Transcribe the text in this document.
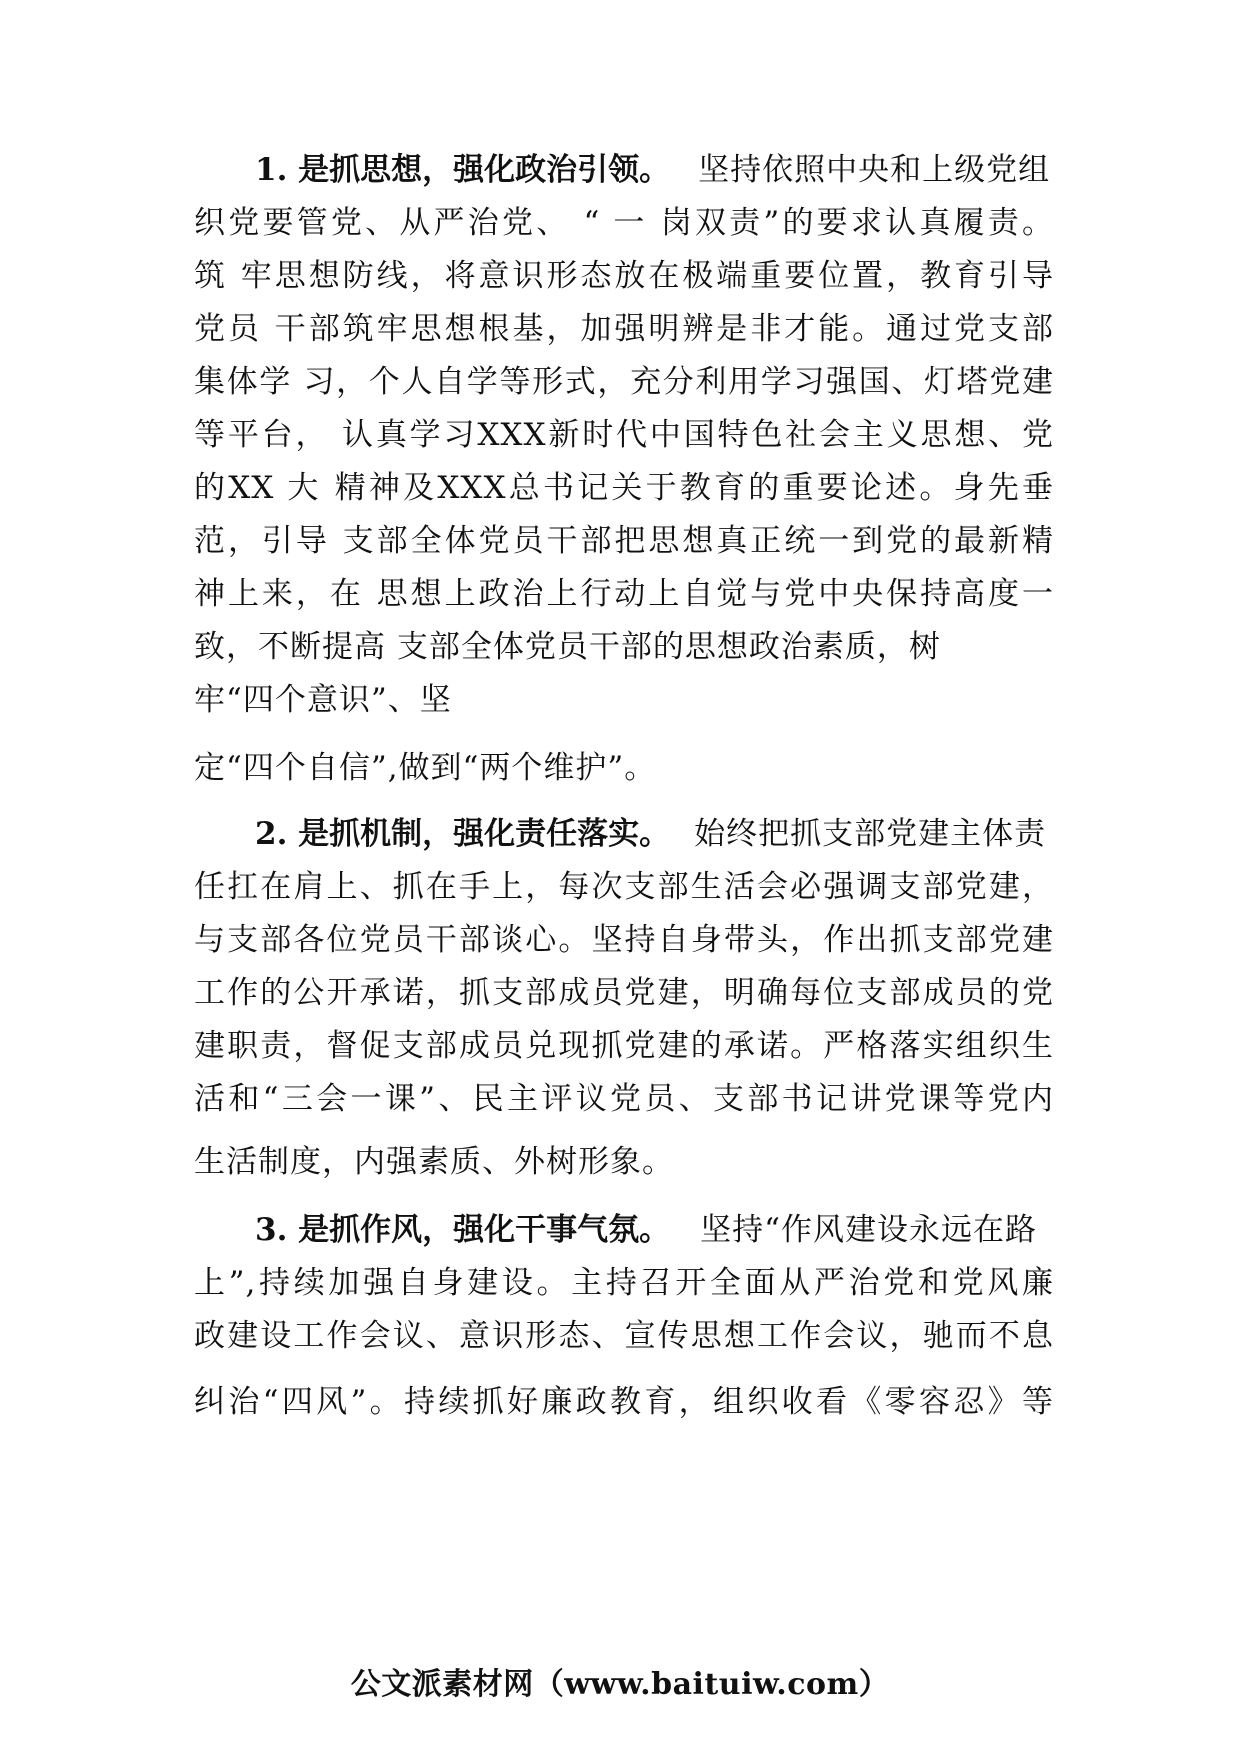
1. 是抓思想，强化政治引领。 坚持依照中央和上级党组
织党要管党、从严治党、 “ 一 岗双责”的要求认真履责。
筑 牢思想防线，将意识形态放在极端重要位置，教育引导
党员 干部筑牢思想根基，加强明辨是非才能。通过党支部
集体学 习，个人自学等形式，充分利用学习强国、灯塔党建
等平台， 认真学习XXX新时代中国特色社会主义思想、党
的XX 大 精神及XXX总书记关于教育的重要论述。身先垂
范，引导 支部全体党员干部把思想真正统一到党的最新精
神上来，在 思想上政治上行动上自觉与党中央保持高度一
致，不断提高 支部全体党员干部的思想政治素质，树
牢“四个意识”、坚
定“四个自信”,做到“两个维护”。
2. 是抓机制，强化责任落实。 始终把抓支部党建主体责
任扛在肩上、抓在手上，每次支部生活会必强调支部党建，
与支部各位党员干部谈心。坚持自身带头，作出抓支部党建
工作的公开承诺，抓支部成员党建，明确每位支部成员的党
建职责，督促支部成员兑现抓党建的承诺。严格落实组织生
活和“三会一课”、民主评议党员、支部书记讲党课等党内
生活制度，内强素质、外树形象。
3. 是抓作风，强化干事气氛。 坚持“作风建设永远在路
上”,持续加强自身建设。主持召开全面从严治党和党风廉
政建设工作会议、意识形态、宣传思想工作会议，驰而不息
纠治“四风”。持续抓好廉政教育，组织收看《零容忍》等
公文派素材网（www.baituiw.com）
